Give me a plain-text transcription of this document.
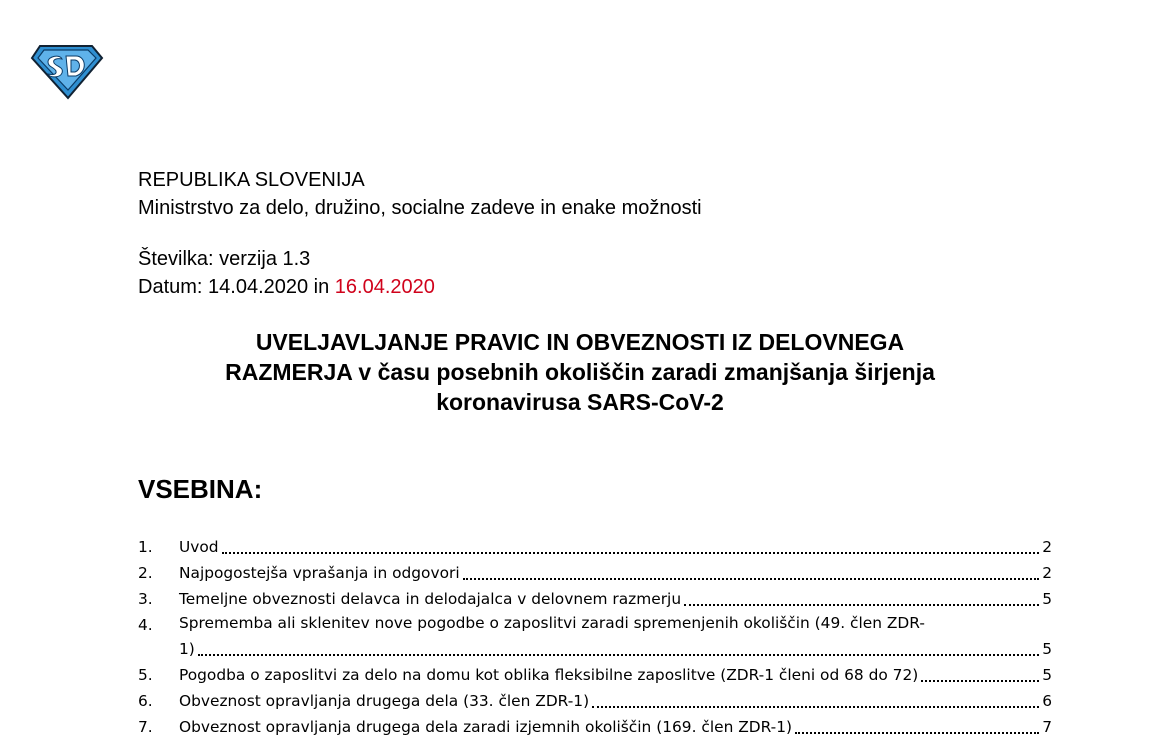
REPUBLIKA SLOVENIJA
Ministrstvo za delo, družino, socialne zadeve in enake možnosti
Številka: verzija 1.3
Datum: 14.04.2020 in 16.04.2020
UVELJAVLJANJE PRAVIC IN OBVEZNOSTI IZ DELOVNEGA
RAZMERJA v času posebnih okoliščin zaradi zmanjšanja širjenja
koronavirusa SARS-CoV-2
VSEBINA:
1.	Uvod	2
2.	Najpogostejša vprašanja in odgovori	2
3.	Temeljne obveznosti delavca in delodajalca v delovnem razmerju	5
4.	Sprememba ali sklenitev nove pogodbe o zaposlitvi zaradi spremenjenih okoliščin (49. člen ZDR-
1)	5
5.	Pogodba o zaposlitvi za delo na domu kot oblika fleksibilne zaposlitve (ZDR-1 členi od 68 do 72)	5
6.	Obveznost opravljanja drugega dela (33. člen ZDR-1)	6
7.	Obveznost opravljanja drugega dela zaradi izjemnih okoliščin (169. člen ZDR-1)	7
